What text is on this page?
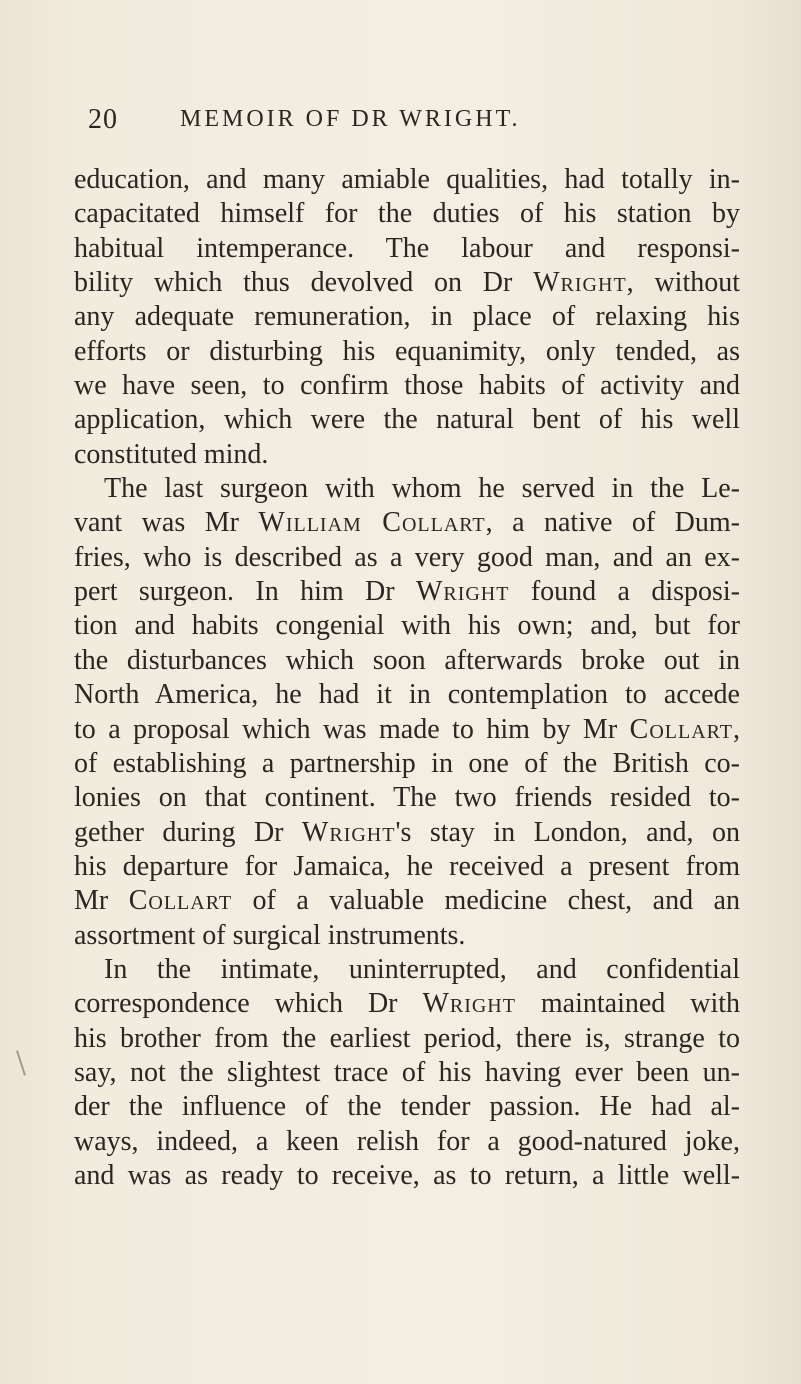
20	MEMOIR OF DR WRIGHT.
education, and many amiable qualities, had totally in-
capacitated himself for the duties of his station by
habitual intemperance. The labour and responsi-
bility which thus devolved on Dr Wright, without
any adequate remuneration, in place of relaxing his
efforts or disturbing his equanimity, only tended, as
we have seen, to confirm those habits of activity and
application, which were the natural bent of his well
constituted mind.
The last surgeon with whom he served in the Le-
vant was Mr William Collart, a native of Dum-
fries, who is described as a very good man, and an ex-
pert surgeon. In him Dr Wright found a disposi-
tion and habits congenial with his own; and, but for
the disturbances which soon afterwards broke out in
North America, he had it in contemplation to accede
to a proposal which was made to him by Mr Collart,
of establishing a partnership in one of the British co-
lonies on that continent. The two friends resided to-
gether during Dr Wright's stay in London, and, on
his departure for Jamaica, he received a present from
Mr Collart of a valuable medicine chest, and an
assortment of surgical instruments.
In the intimate, uninterrupted, and confidential
correspondence which Dr Wright maintained with
his brother from the earliest period, there is, strange to
say, not the slightest trace of his having ever been un-
der the influence of the tender passion. He had al-
ways, indeed, a keen relish for a good-natured joke,
and was as ready to receive, as to return, a little well-
